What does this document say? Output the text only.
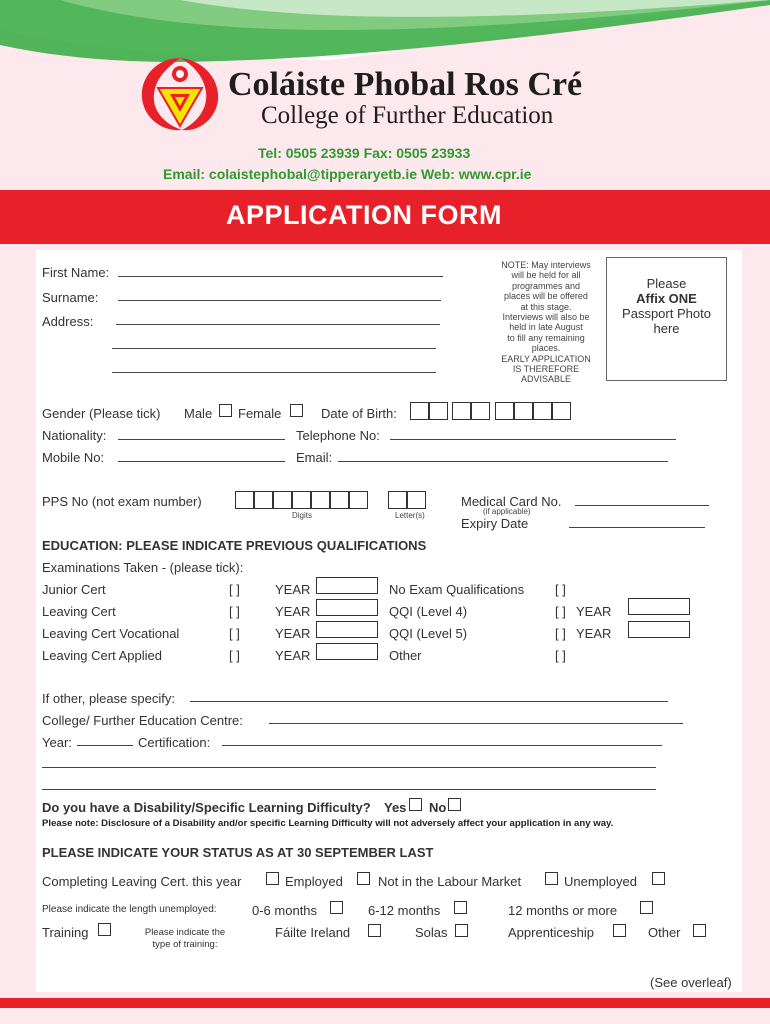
Coláiste Phobal Ros Cré
College of Further Education
Tel: 0505 23939 Fax: 0505 23933
Email: colaistephobal@tipperaryetb.ie Web: www.cpr.ie
APPLICATION FORM
First Name:
Surname:
Address:
NOTE: May interviews
will be held for all
programmes and
places will be offered
at this stage.
Interviews will also be
held in late August
to fill any remaining
places.
EARLY APPLICATION
IS THEREFORE
ADVISABLE
Please
Affix ONE
Passport Photo
here
Gender (Please tick) Male Female	Date of Birth:
Nationality:	Telephone No:
Mobile No:	Email:
PPS No (not exam number)
Digits	Letter(s)
Medical Card No.
(if applicable)
Expiry Date
EDUCATION: PLEASE INDICATE PREVIOUS QUALIFICATIONS
Examinations Taken - (please tick):
Junior Cert	[ ]	YEAR	No Exam Qualifications [ ]
Leaving Cert	[ ]	YEAR	QQI (Level 4)	[ ] YEAR
Leaving Cert Vocational	[ ]	YEAR	QQI (Level 5)	[ ] YEAR
Leaving Cert Applied	[ ]	YEAR	Other	[ ]
If other, please specify:
College/ Further Education Centre:
Year:	Certification:
Do you have a Disability/Specific Learning Difficulty? Yes No
Please note: Disclosure of a Disability and/or specific Learning Difficulty will not adversely affect your application in any way.
PLEASE INDICATE YOUR STATUS AS AT 30 SEPTEMBER LAST
Completing Leaving Cert. this year	Employed	Not in the Labour Market	Unemployed
Please indicate the length unemployed:	0-6 months	6-12 months	12 months or more
Training	Please indicate the
type of training:
Fáilte Ireland	Solas	Apprenticeship	Other
(See overleaf)
